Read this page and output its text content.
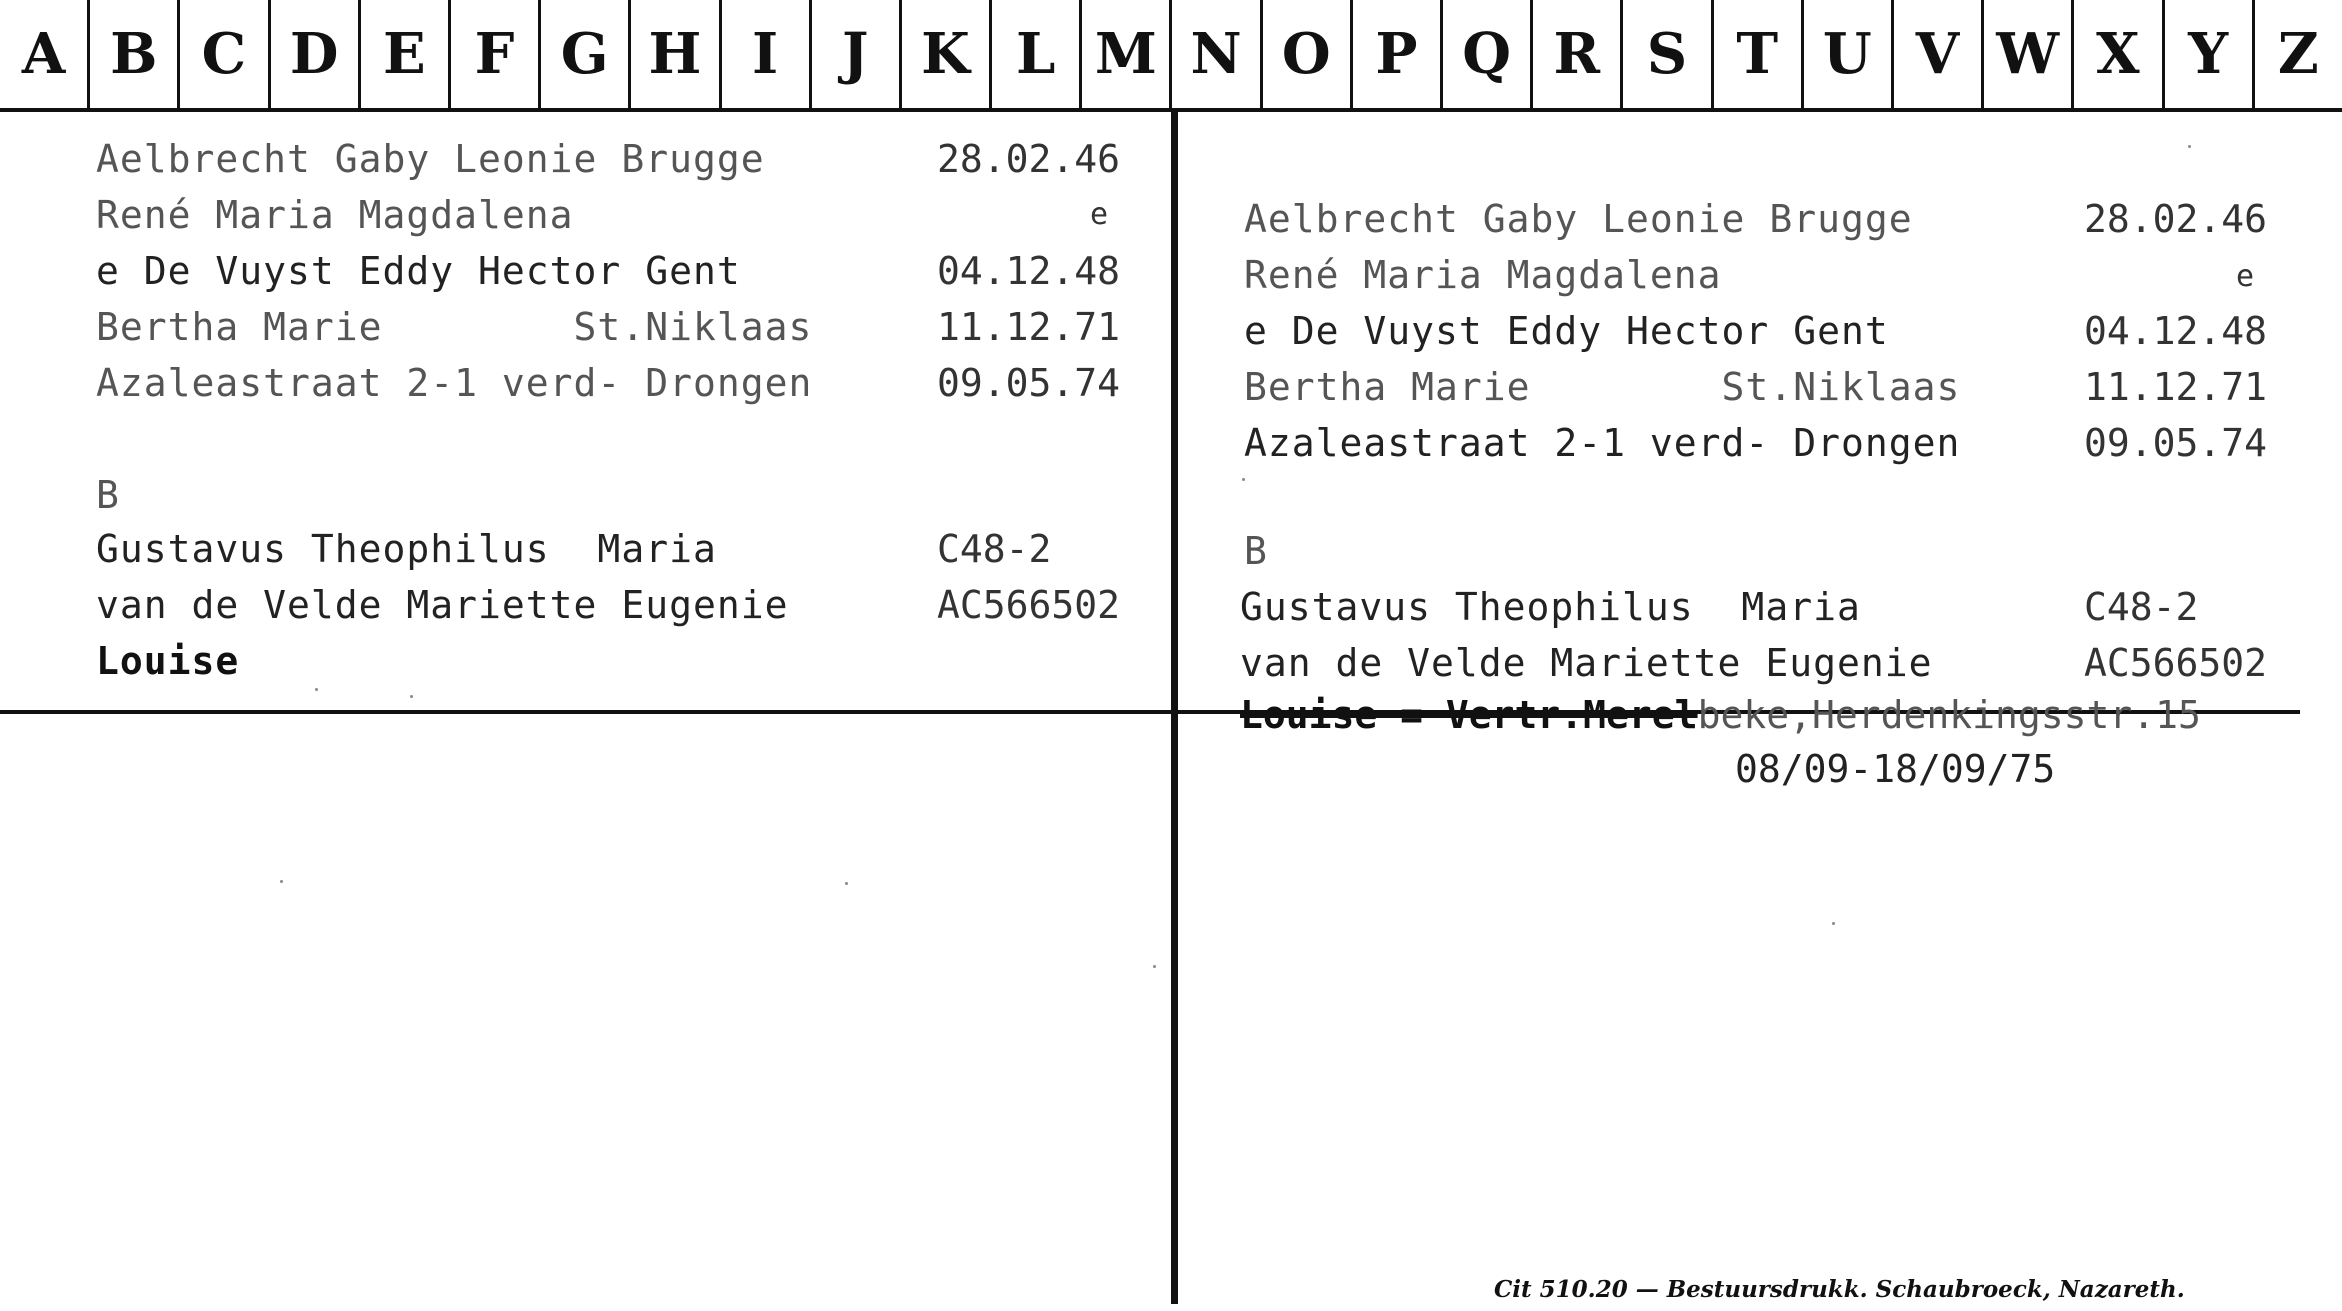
A B C D E F G H I	J K L M N O P Q R S T U V W X Y Z
Aelbrecht Gaby Leonie Brugge
René Maria Magdalena
e De Vuyst Eddy Hector Gent
Bertha Marie        St.Niklaas
Azaleastraat 2-1 verd- Drongen
28.02.46
e
04.12.48
11.12.71
09.05.74
B
Gustavus Theophilus  Maria
van de Velde Mariette Eugenie
Louise
C48-2
AC566502
Aelbrecht Gaby Leonie Brugge
René Maria Magdalena
e De Vuyst Eddy Hector Gent
Bertha Marie        St.Niklaas
Azaleastraat 2-1 verd- Drongen
28.02.46
e
04.12.48
11.12.71
09.05.74
B
Gustavus Theophilus  Maria
van de Velde Mariette Eugenie
C48-2
AC566502
Louise = Vertr.Merelbeke,Herdenkingsstr.15
08/09-18/09/75
Cit 510.20 — Bestuursdrukk. Schaubroeck, Nazareth.
